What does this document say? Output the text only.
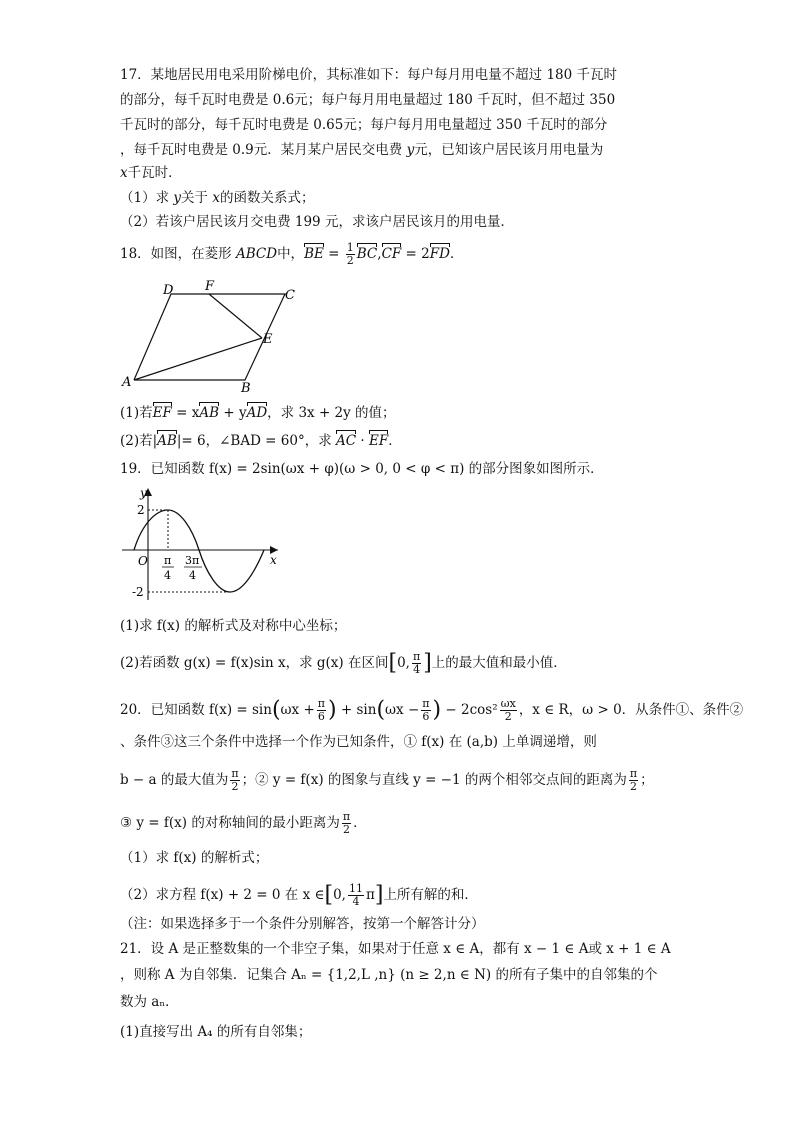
17．某地居民用电采用阶梯电价，其标准如下：每户每月用电量不超过 180 千瓦时
的部分，每千瓦时电费是 0.6元；每户每月用电量超过 180 千瓦时，但不超过 350
千瓦时的部分，每千瓦时电费是 0.65元；每户每月用电量超过 350 千瓦时的部分
，每千瓦时电费是 0.9元．某月某户居民交电费 y元，已知该户居民该月用电量为
x千瓦时．
（1）求 y关于 x的函数关系式；
（2）若该户居民该月交电费 199 元，求该户居民该月的用电量．
18．如图，在菱形 ABCD中，BE = $\frac{1}{2} BC,CF = 2FD$．
D F
C
E
A	B
(1)若EF = xAB + yAD，求 3x + 2y 的值；
(2)若|AB|= 6，∠BAD = 60°，求 AC · EF．
19．已知函数 f(x) = 2sin(ωx + φ)(ω > 0, 0 < φ < π) 的部分图象如图所示．
y
x
2
O
-2
π
4
3π
4
(1)求 f(x) 的解析式及对称中心坐标；
(2)若函数 g(x) = f(x)sin x，求 g(x) 在区间[0, $\frac{\pi}{4}$ ]上的最大值和最小值．
20．已知函数 $f(x) = \sin(\omega x + \frac{\pi}{6}$ ) + $\sin(\omega x - \frac{\pi}{6}$ ) − $2\cos^2 \frac{\omega x}{2}$ ，x ∈ R，ω > 0．从条件①、条件②
、条件③这三个条件中选择一个作为已知条件，① f(x) 在 (a,b) 上单调递增，则
b − a 的最大值为 $\frac{\pi}{2}$ ；② y = f(x) 的图象与直线 y = −1 的两个相邻交点间的距离为 $\frac{\pi}{2}$ ；
③ y = f(x) 的对称轴间的最小距离为 $\frac{\pi}{2}$ ．
（1）求 f(x) 的解析式；
（2）求方程 f(x) + 2 = 0 在 x ∈[0, $\frac{11}{4} \pi$]上所有解的和．
（注：如果选择多于一个条件分别解答，按第一个解答计分）
21．设 A 是正整数集的一个非空子集，如果对于任意 x ∈ A，都有 x − 1 ∈ A或 x + 1 ∈ A
，则称 A 为自邻集．记集合 Aₙ = {1,2,L ,n} (n ≥ 2,n ∈ N) 的所有子集中的自邻集的个
数为 aₙ．
(1)直接写出 A₄ 的所有自邻集；
